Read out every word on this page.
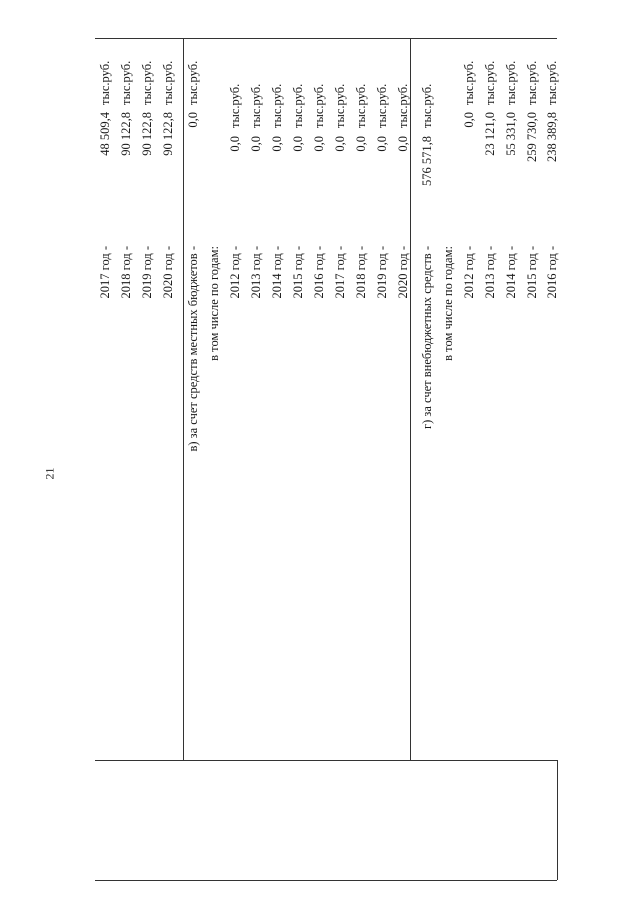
21
2017 год -
48 509,4
тыс.руб.
2018 год -
90 122,8
тыс.руб.
2019 год -
90 122,8
тыс.руб.
2020 год -
90 122,8
тыс.руб.
в) за счет средств местных бюджетов -
0,0
тыс.руб.
в том числе по годам: 2012 год -
0,0
тыс.руб.
2013 год -
0,0
тыс.руб.
2014 год -
0,0
тыс.руб.
2015 год -
0,0
тыс.руб.
2016 год -
0,0
тыс.руб.
2017 год -
0,0
тыс.руб.
2018 год -
0,0
тыс.руб.
2019 год -
0,0
тыс.руб.
2020 год -
0,0
тыс.руб.
г) за счет внебюджетных средств -
576 571,8
тыс.руб.
в том числе по годам: 2012 год -
0,0
тыс.руб.
2013 год -
23 121,0
тыс.руб.
2014 год -
55 331,0
тыс.руб.
2015 год -
259 730,0
тыс.руб.
2016 год -
238 389,8
тыс.руб.
